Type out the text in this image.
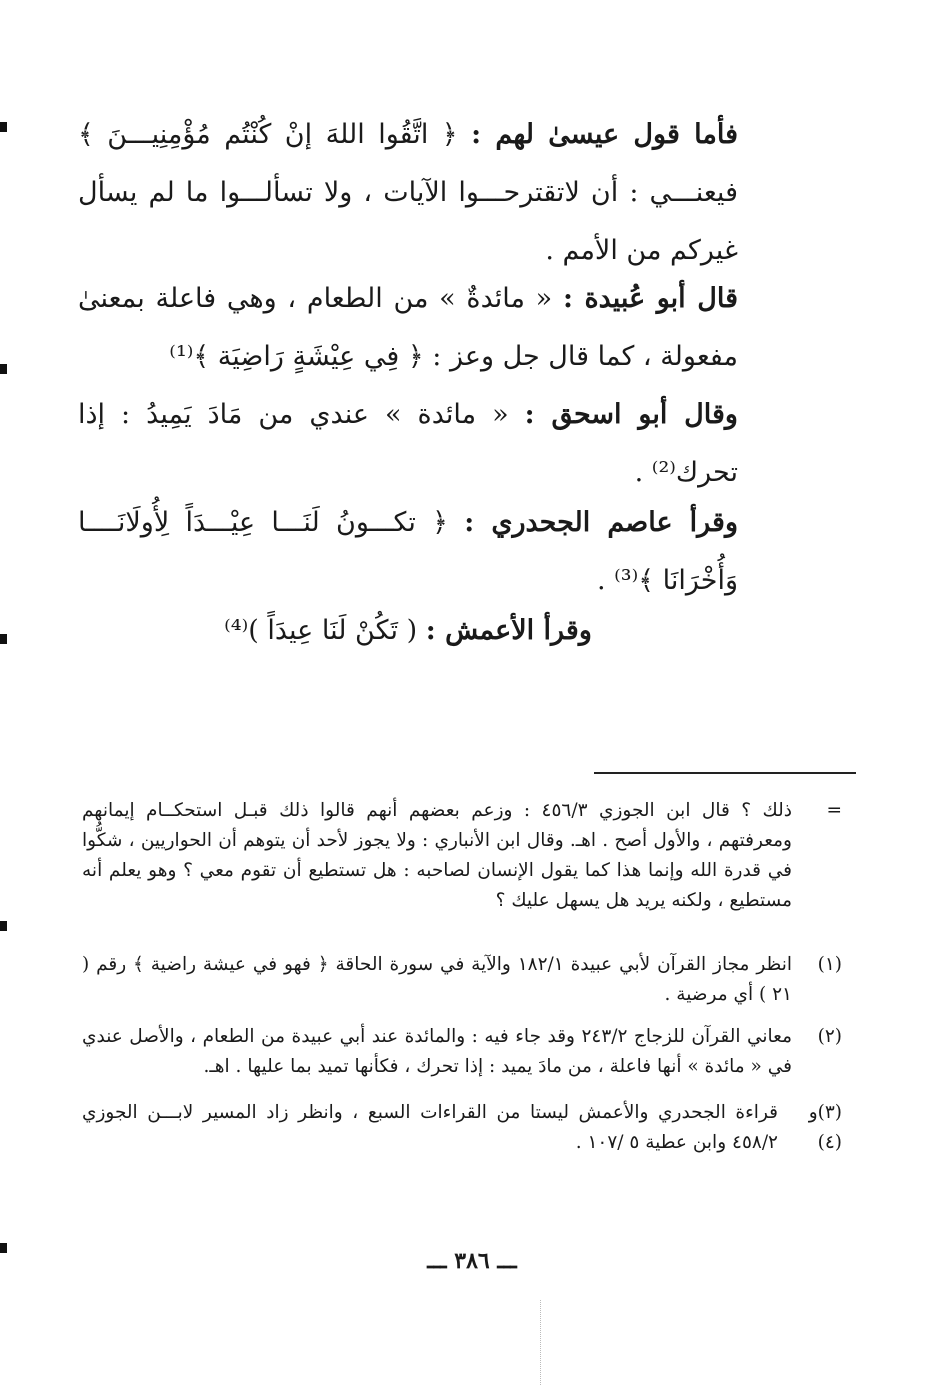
فأما قول عيسىٰ لهم : ﴿ اتَّقُوا اللهَ إنْ كُنْتُم مُؤْمِنِيـــنَ ﴾ فيعنـــي : أن لاتقترحـــوا الآيات ، ولا تسألـــوا ما لم يسأل غيركم من الأمم .
قال أبو عُبيدة : « مائدةٌ » من الطعام ، وهي فاعلة بمعنىٰ مفعولة ، كما قال جل وعز : ﴿ فِي عِيْشَةٍ رَاضِيَة ﴾⁽¹⁾
وقال أبو اسحق : « مائدة » عندي من مَادَ يَمِيدُ : إذا تحرك⁽²⁾ .
وقرأ عاصم الجحدري : ﴿ تكـــونُ لَنَـــا عِيْـــدَاً لِأُولَانَــــا وَأُخْرَانَا ﴾⁽³⁾ .
وقرأ الأعمش : ( تَكُنْ لَنَا عِيدَاً )⁽⁴⁾
=
ذلك ؟ قال ابن الجوزي ٤٥٦/٣ : وزعم بعضهم أنهم قالوا ذلك قبـل استحكــام إيمانهم ومعرفتهم ، والأول أصح . اهـ. وقال ابن الأنباري : ولا يجوز لأحد أن يتوهم أن الحواريين ، شكُّوا في قدرة الله وإنما هذا كما يقول الإنسان لصاحبه : هل تستطيع أن تقوم معي ؟ وهو يعلم أنه مستطيع ، ولكنه يريد هل يسهل عليك ؟
(١)
انظر مجاز القرآن لأبي عبيدة ١٨٢/١ والآية في سورة الحاقة ﴿ فهو في عيشة راضية ﴾ رقم ( ٢١ ) أي مرضية .
(٢)
معاني القرآن للزجاج ٢٤٣/٢ وقد جاء فيه : والمائدة عند أبي عبيدة من الطعام ، والأصل عندي في « مائدة » أنها فاعلة ، من مادَ يميد : إذا تحرك ، فكأنها تميد بما عليها . اهـ.
(٣)و (٤)
قراءة الجحدري والأعمش ليستا من القراءات السبع ، وانظر زاد المسير لابـــن الجوزي ٤٥٨/٢ وابن عطية ٥ /١٠٧ .
ـــ ٣٨٦ ـــ
